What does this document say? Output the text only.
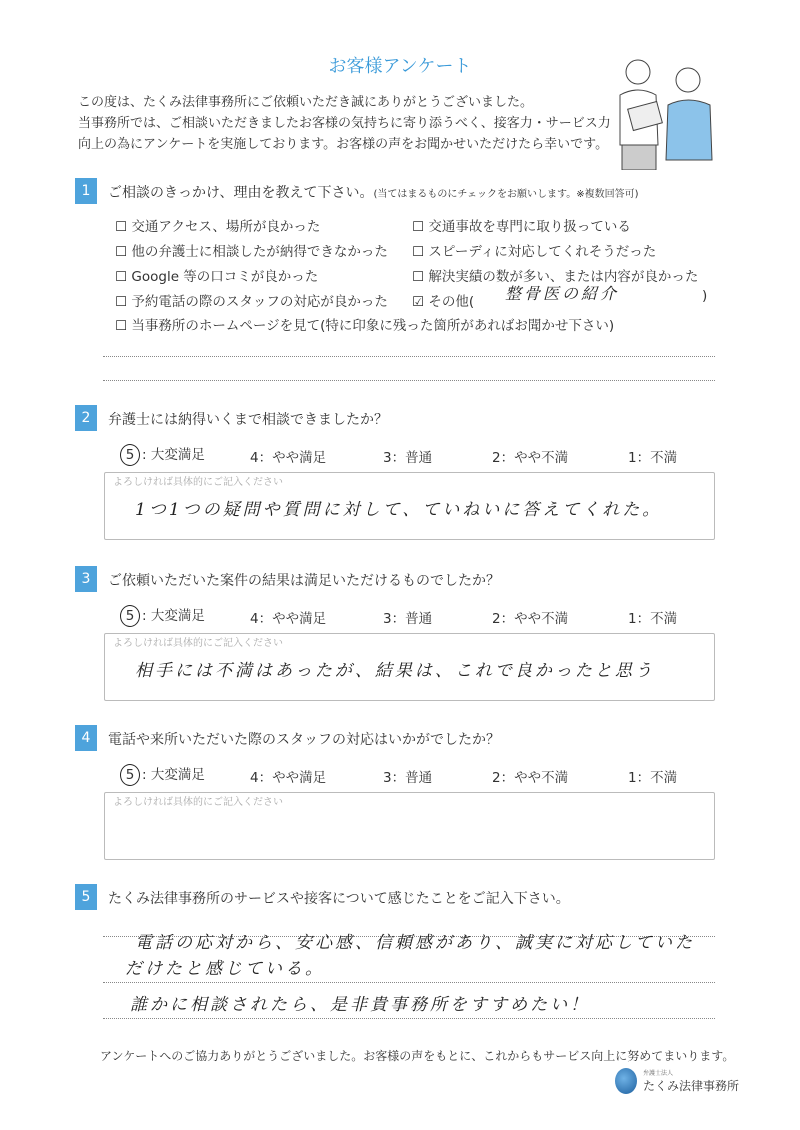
お客様アンケート
この度は、たくみ法律事務所にご依頼いただき誠にありがとうございました。
当事務所では、ご相談いただきましたお客様の気持ちに寄り添うべく、接客力・サービス力
向上の為にアンケートを実施しております。お客様の声をお聞かせいただけたら幸いです。
1	ご相談のきっかけ、理由を教えて下さい。(当てはまるものにチェックをお願いします。※複数回答可)
☐ 交通アクセス、場所が良かった	☐ 交通事故を専門に取り扱っている
☐ 他の弁護士に相談したが納得できなかった ☐ スピーディに対応してくれそうだった
☐ Google 等の口コミが良かった	☐ 解決実績の数が多い、または内容が良かった
☐ 予約電話の際のスタッフの対応が良かった ☑ その他(
☐ 当事務所のホームページを見て(特に印象に残った箇所があればお聞かせ下さい)
整骨医の紹介	)
2	弁護士には納得いくまで相談できましたか？
5 : 大変満足	4：やや満足	3：普通	2：やや不満	1：不満
よろしければ具体的にご記入ください
1つ1つの疑問や質問に対して、ていねいに答えてくれた。
3	ご依頼いただいた案件の結果は満足いただけるものでしたか？
5 : 大変満足	4：やや満足	3：普通	2：やや不満	1：不満
よろしければ具体的にご記入ください
相手には不満はあったが、結果は、これで良かったと思う
4	電話や来所いただいた際のスタッフの対応はいかがでしたか？
5 : 大変満足	4：やや満足	3：普通	2：やや不満	1：不満
よろしければ具体的にご記入ください
5	たくみ法律事務所のサービスや接客について感じたことをご記入下さい。
電話の応対から、安心感、信頼感があり、誠実に対応していた
だけたと感じている。
誰かに相談されたら、是非貴事務所をすすめたい！
アンケートへのご協力ありがとうございました。お客様の声をもとに、これからもサービス向上に努めてまいります。
弁護士法人
たくみ法律事務所
